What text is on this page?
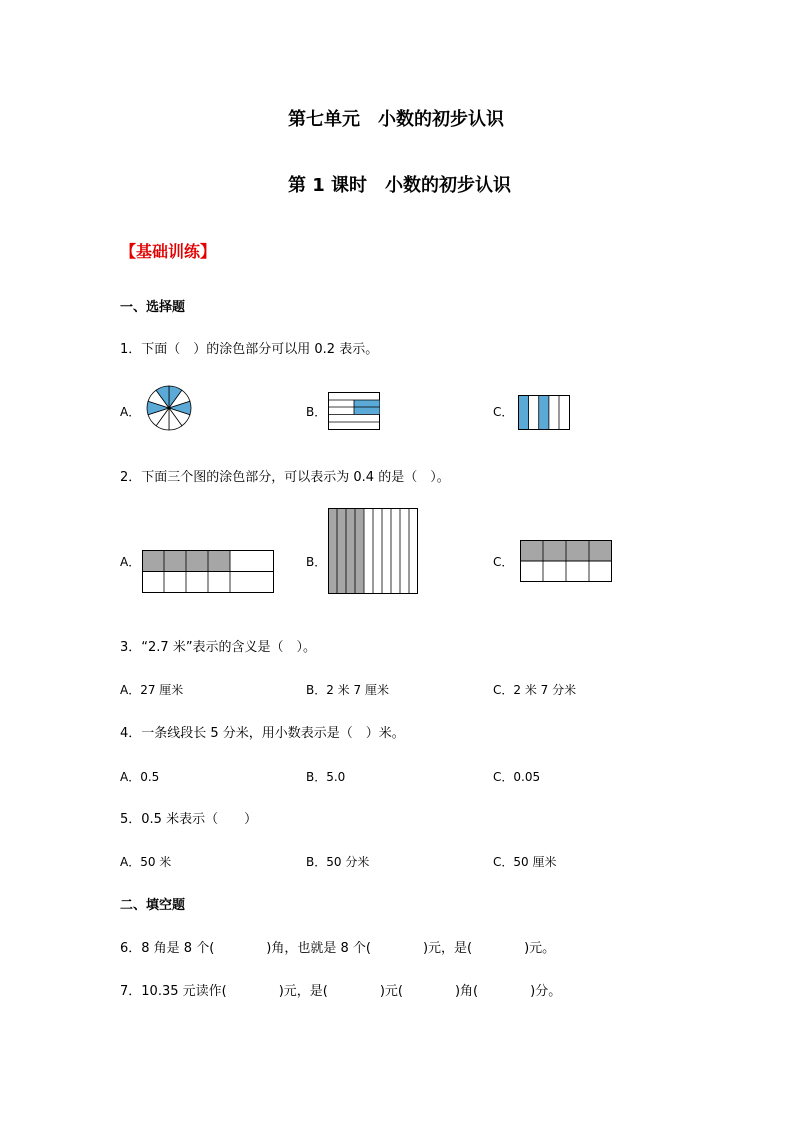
第七单元　小数的初步认识
第 1 课时　小数的初步认识
【基础训练】
一、选择题
1．下面（　）的涂色部分可以用 0.2 表示。
A．	B．	C．
2．下面三个图的涂色部分，可以表示为 0.4 的是（　）。
A．	B．	C．
3．“2.7 米”表示的含义是（　）。
A．27 厘米	B．2 米 7 厘米	C．2 米 7 分米
4．一条线段长 5 分米，用小数表示是（　）米。
A．0.5	B．5.0	C．0.05
5．0.5 米表示（　　）
A．50 米	B．50 分米	C．50 厘米
二、填空题
6．8 角是 8 个(　　　　)角，也就是 8 个(　　　　)元，是(　　　　)元。
7．10.35 元读作(　　　　)元，是(　　　　)元(　　　　)角(　　　　)分。
